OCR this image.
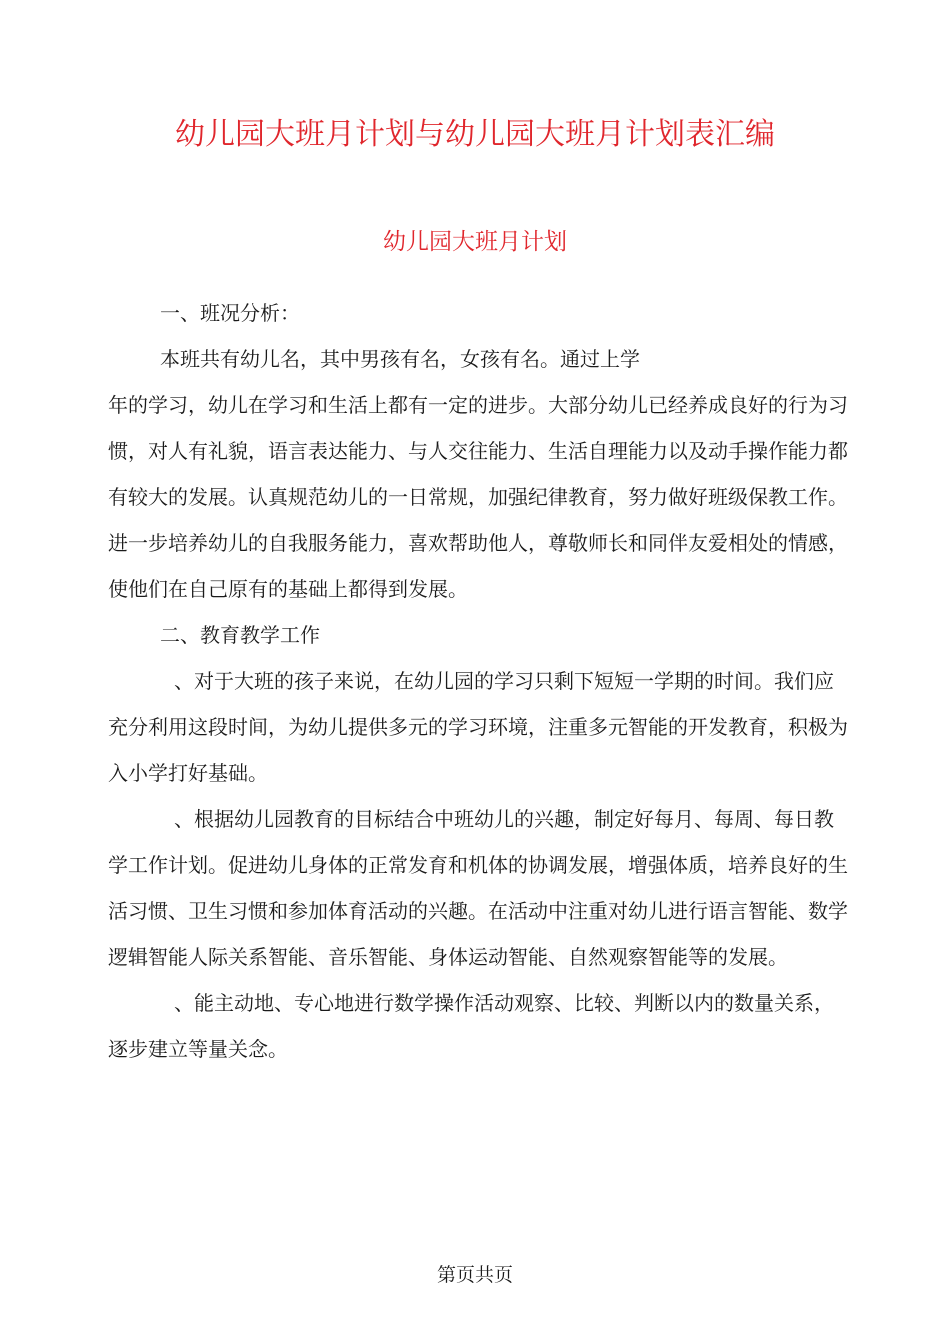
幼儿园大班月计划与幼儿园大班月计划表汇编
幼儿园大班月计划

一、班况分析：

本班共有幼儿名，其中男孩有名，女孩有名。通过上学

年的学习，幼儿在学习和生活上都有一定的进步。大部分幼儿已经养成良好的行为习惯，对人有礼貌，语言表达能力、与人交往能力、生活自理能力以及动手操作能力都有较大的发展。认真规范幼儿的一日常规，加强纪律教育，努力做好班级保教工作。进一步培养幼儿的自我服务能力，喜欢帮助他人，尊敬师长和同伴友爱相处的情感，使他们在自己原有的基础上都得到发展。

二、教育教学工作

、对于大班的孩子来说，在幼儿园的学习只剩下短短一学期的时间。我们应充分利用这段时间，为幼儿提供多元的学习环境，注重多元智能的开发教育，积极为入小学打好基础。

、根据幼儿园教育的目标结合中班幼儿的兴趣，制定好每月、每周、每日教学工作计划。促进幼儿身体的正常发育和机体的协调发展，增强体质，培养良好的生活习惯、卫生习惯和参加体育活动的兴趣。在活动中注重对幼儿进行语言智能、数学逻辑智能人际关系智能、音乐智能、身体运动智能、自然观察智能等的发展。

、能主动地、专心地进行数学操作活动观察、比较、判断以内的数量关系，逐步建立等量关念。

第页共页
